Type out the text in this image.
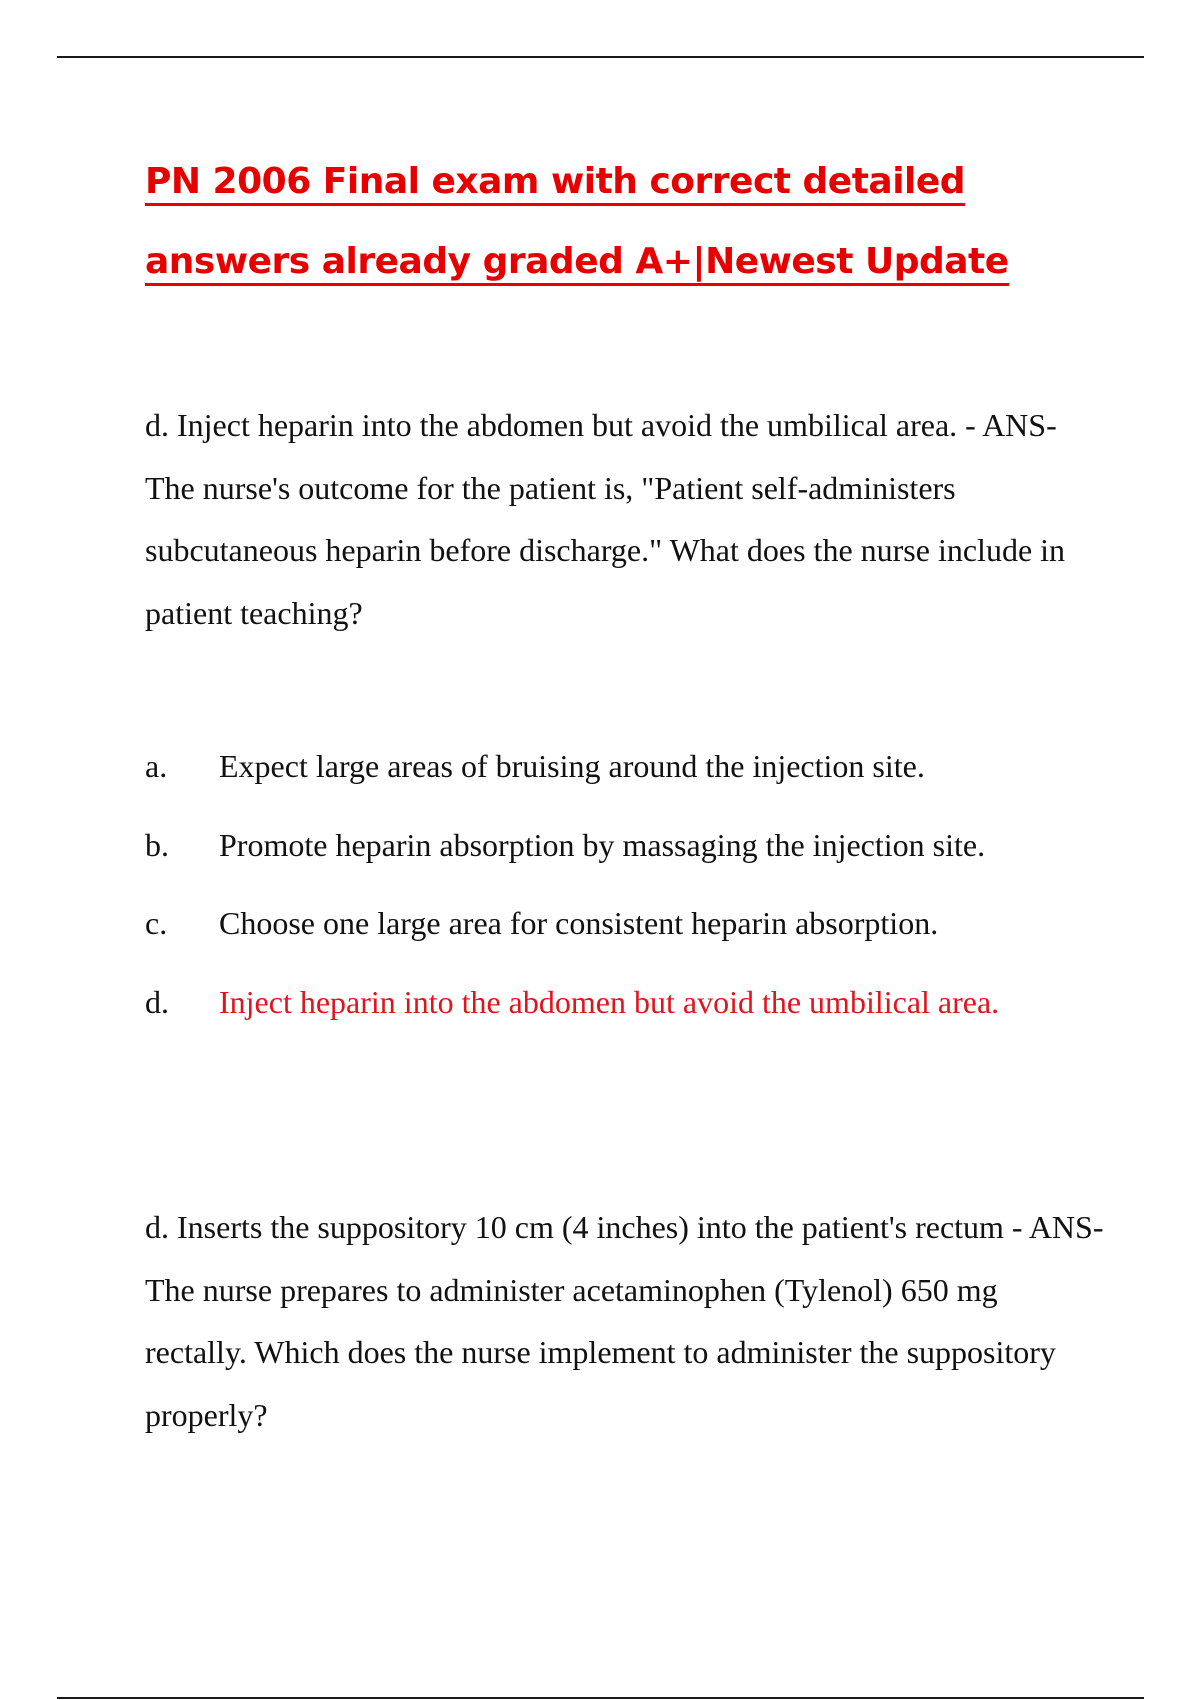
PN 2006 Final exam with correct detailed answers already graded A+|Newest Update

d. Inject heparin into the abdomen but avoid the umbilical area. - ANS-The nurse's outcome for the patient is, "Patient self-administers subcutaneous heparin before discharge." What does the nurse include in patient teaching?

a. Expect large areas of bruising around the injection site.
b. Promote heparin absorption by massaging the injection site.
c. Choose one large area for consistent heparin absorption.
d. Inject heparin into the abdomen but avoid the umbilical area.

d. Inserts the suppository 10 cm (4 inches) into the patient's rectum - ANS-The nurse prepares to administer acetaminophen (Tylenol) 650 mg rectally. Which does the nurse implement to administer the suppository properly?
